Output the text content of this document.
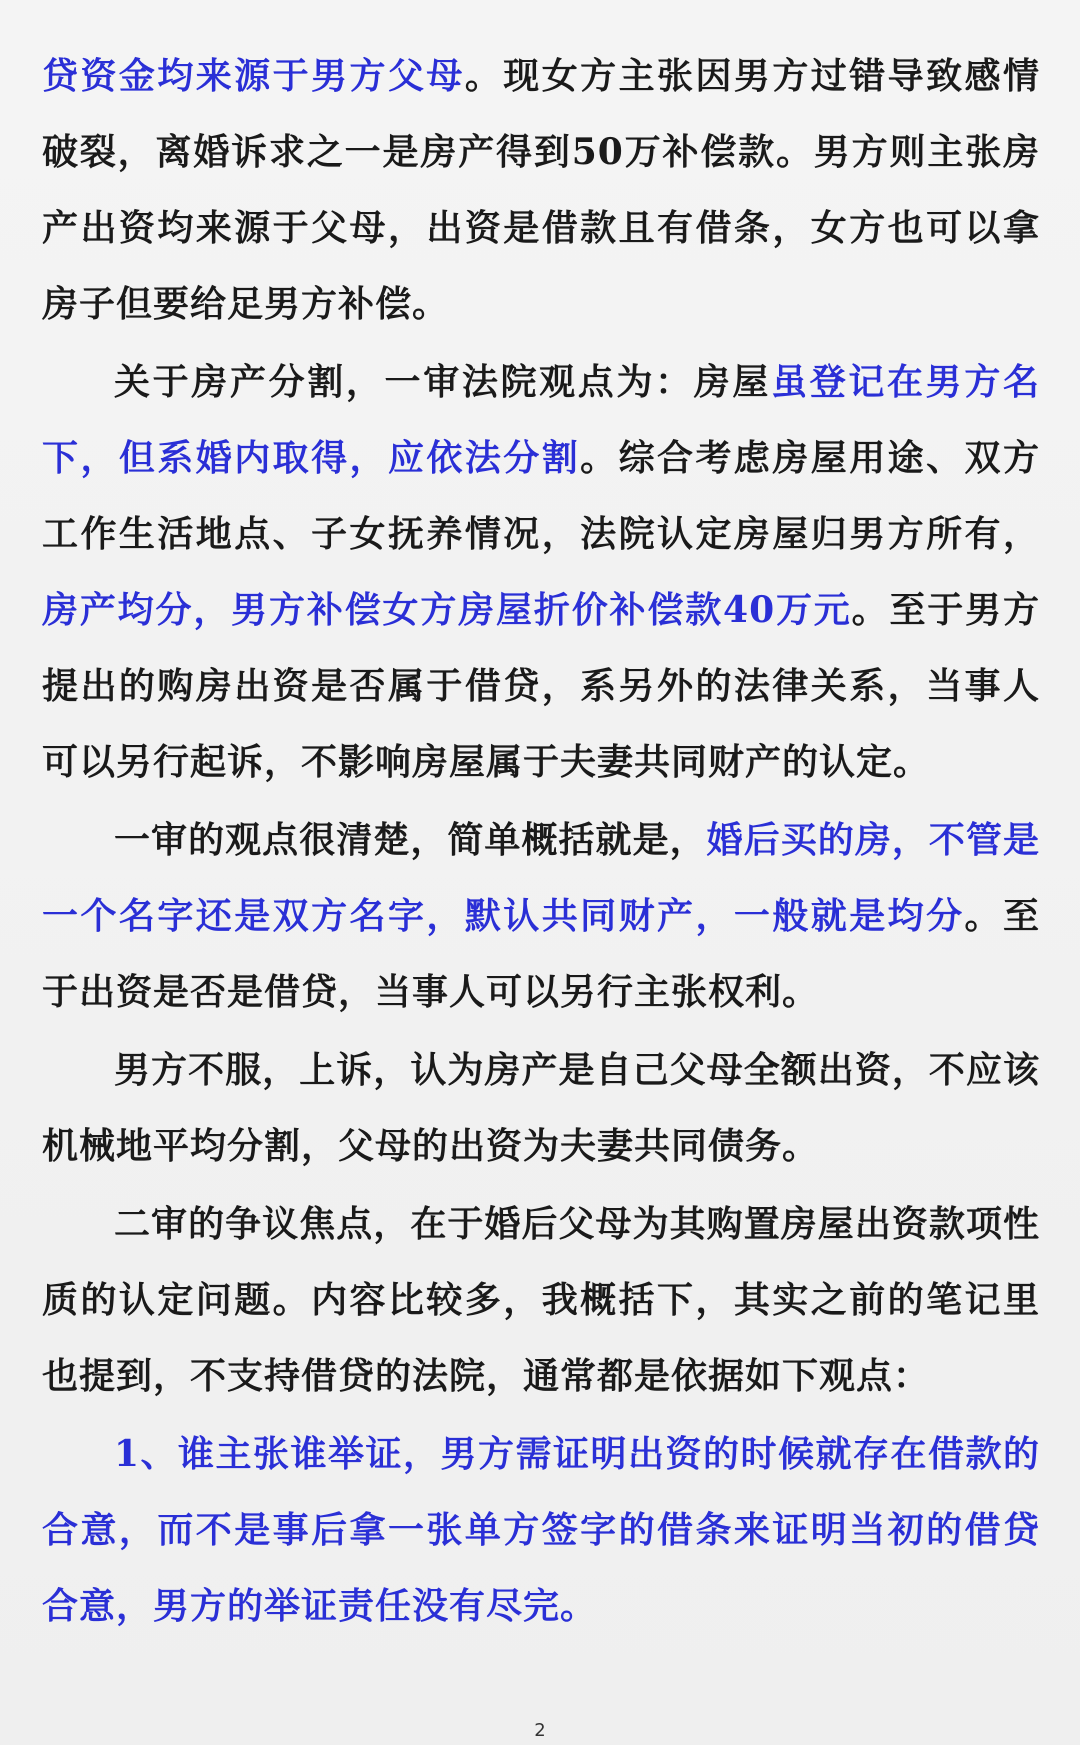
贷资金均来源于男方父母。现女方主张因男方过错导致感情破裂，离婚诉求之一是房产得到50万补偿款。男方则主张房产出资均来源于父母，出资是借款且有借条，女方也可以拿房子但要给足男方补偿。

关于房产分割，一审法院观点为：房屋虽登记在男方名下，但系婚内取得，应依法分割。综合考虑房屋用途、双方工作生活地点、子女抚养情况，法院认定房屋归男方所有，房产均分，男方补偿女方房屋折价补偿款40万元。至于男方提出的购房出资是否属于借贷，系另外的法律关系，当事人可以另行起诉，不影响房屋属于夫妻共同财产的认定。

一审的观点很清楚，简单概括就是，婚后买的房，不管是一个名字还是双方名字，默认共同财产，一般就是均分。至于出资是否是借贷，当事人可以另行主张权利。

男方不服，上诉，认为房产是自己父母全额出资，不应该机械地平均分割，父母的出资为夫妻共同债务。

二审的争议焦点，在于婚后父母为其购置房屋出资款项性质的认定问题。内容比较多，我概括下，其实之前的笔记里也提到，不支持借贷的法院，通常都是依据如下观点：

1、谁主张谁举证，男方需证明出资的时候就存在借款的合意，而不是事后拿一张单方签字的借条来证明当初的借贷合意，男方的举证责任没有尽完。

2
